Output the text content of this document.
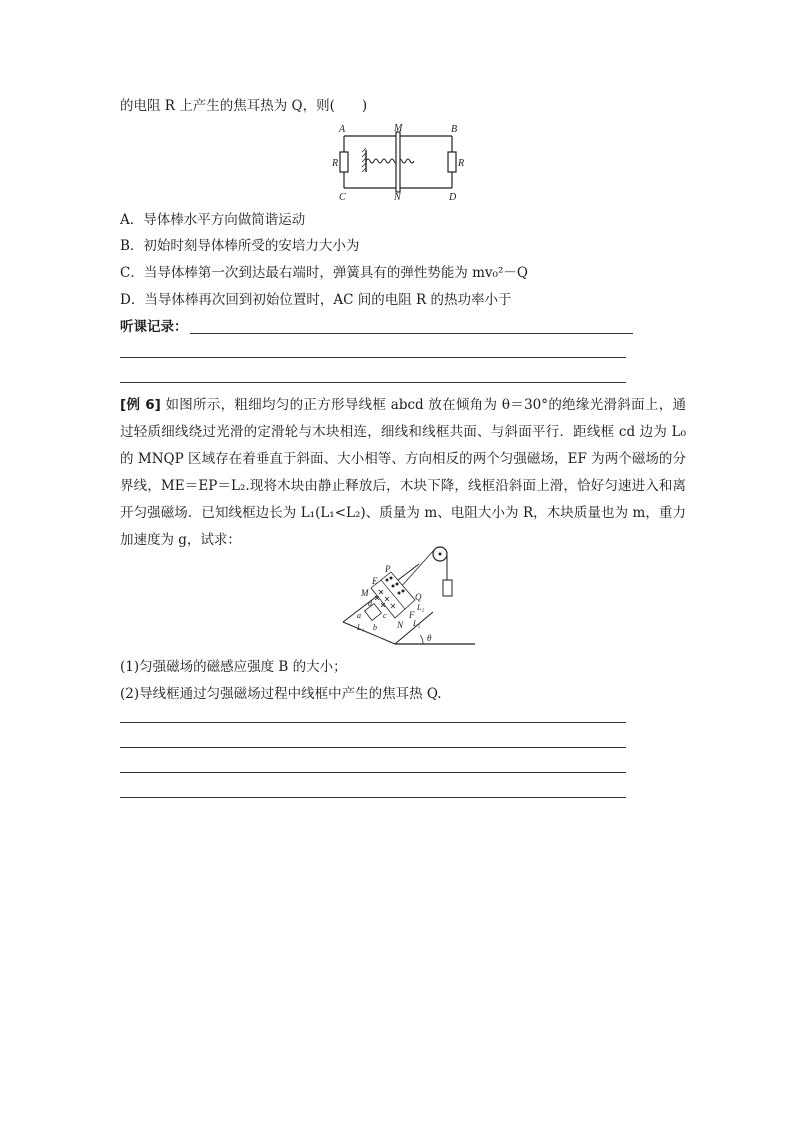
的电阻 R 上产生的焦耳热为 Q，则(　　)
A	M	B
R	R
C	N	D
A．导体棒水平方向做简谐运动
B．初始时刻导体棒所受的安培力大小为
C．当导体棒第一次到达最右端时，弹簧具有的弹性势能为 mv₀²－Q
D．当导体棒再次回到初始位置时，AC 间的电阻 R 的热功率小于
听课记录：
[例 6] 如图所示，粗细均匀的正方形导线框 abcd 放在倾角为 θ＝30°的绝缘光滑斜面上，通过轻质细线绕过光滑的定滑轮与木块相连，细线和线框共面、与斜面平行．距线框 cd 边为 L₀ 的 MNQP 区域存在着垂直于斜面、大小相等、方向相反的两个匀强磁场，EF 为两个磁场的分界线，ME＝EP＝L₂.现将木块由静止释放后，木块下降，线框沿斜面上滑，恰好匀速进入和离开匀强磁场．已知线框边长为 L₁(L₁<L₂)、质量为 m、电阻大小为 R，木块质量也为 m，重力加速度为 g，试求：
P
E
M	Q
L₂
F
L₂
d
a	c
b
L₁	N
θ
(1)匀强磁场的磁感应强度 B 的大小；
(2)导线框通过匀强磁场过程中线框中产生的焦耳热 Q.
